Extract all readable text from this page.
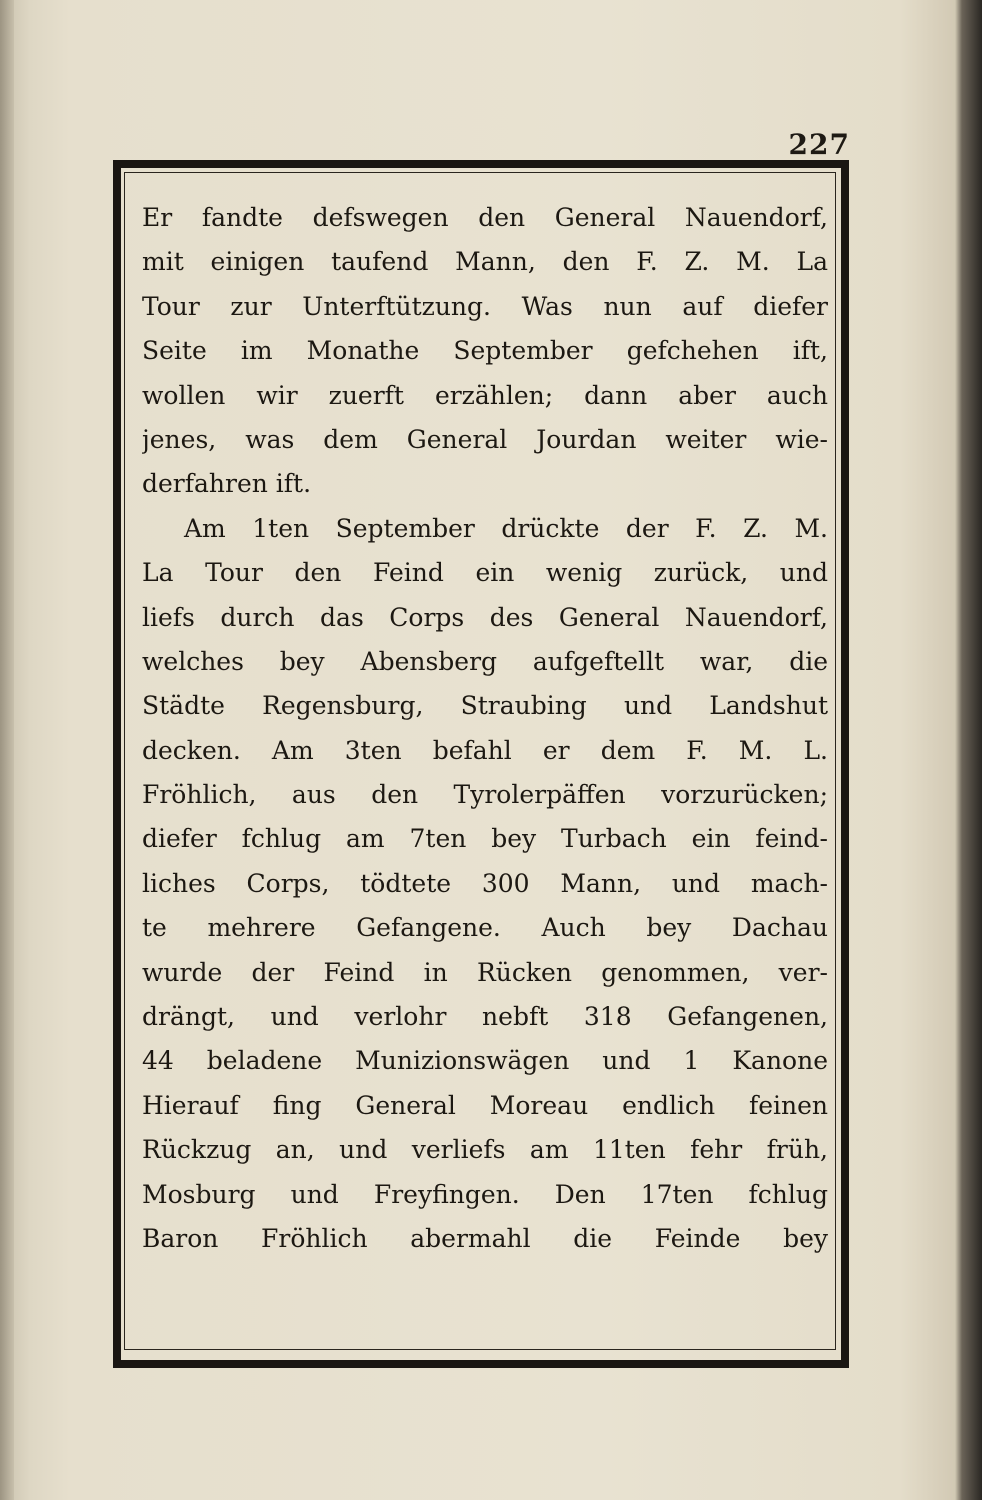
227
Er fandte defswegen den General Nauendorf,
mit einigen taufend Mann, den F. Z. M. La
Tour zur Unterftützung. Was nun auf diefer
Seite im Monathe September gefchehen ift,
wollen wir zuerft erzählen; dann aber auch
jenes, was dem General Jourdan weiter wie-
derfahren ift.
Am 1ten September drückte der F. Z. M.
La Tour den Feind ein wenig zurück, und
liefs durch das Corps des General Nauendorf,
welches bey Abensberg aufgeftellt war, die
Städte Regensburg, Straubing und Landshut
decken. Am 3ten befahl er dem F. M. L.
Fröhlich, aus den Tyrolerpäffen vorzurücken;
diefer fchlug am 7ten bey Turbach ein feind-
liches Corps, tödtete 300 Mann, und mach-
te mehrere Gefangene. Auch bey Dachau
wurde der Feind in Rücken genommen, ver-
drängt, und verlohr nebft 318 Gefangenen,
44 beladene Munizionswägen und 1 Kanone
Hierauf fing General Moreau endlich feinen
Rückzug an, und verliefs am 11ten fehr früh,
Mosburg und Freyfingen. Den 17ten fchlug
Baron Fröhlich abermahl die Feinde bey
